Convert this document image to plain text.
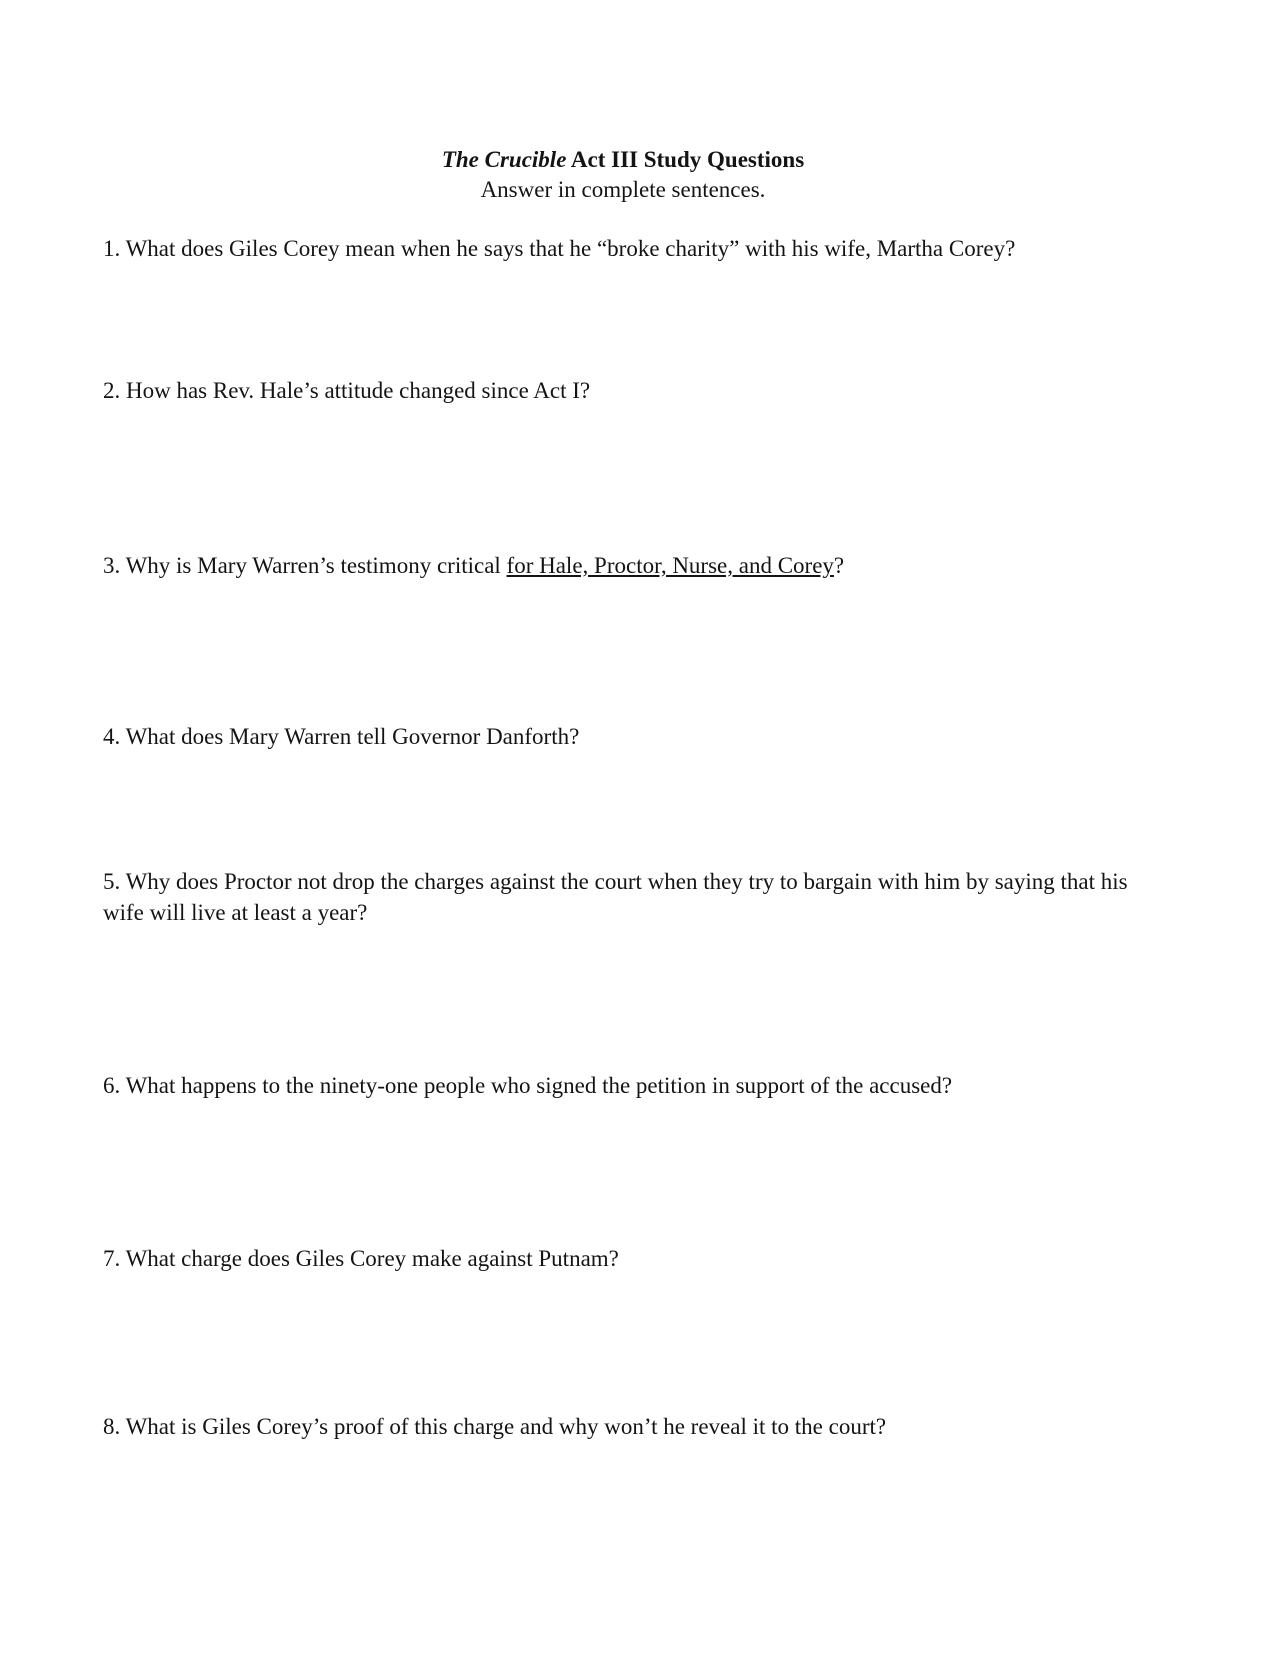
The Crucible Act III Study Questions
Answer in complete sentences.
1. What does Giles Corey mean when he says that he “broke charity” with his wife, Martha Corey?
2. How has Rev. Hale’s attitude changed since Act I?
3. Why is Mary Warren’s testimony critical for Hale, Proctor, Nurse, and Corey?
4. What does Mary Warren tell Governor Danforth?
5. Why does Proctor not drop the charges against the court when they try to bargain with him by saying that his wife will live at least a year?
6. What happens to the ninety-one people who signed the petition in support of the accused?
7. What charge does Giles Corey make against Putnam?
8. What is Giles Corey’s proof of this charge and why won’t he reveal it to the court?
